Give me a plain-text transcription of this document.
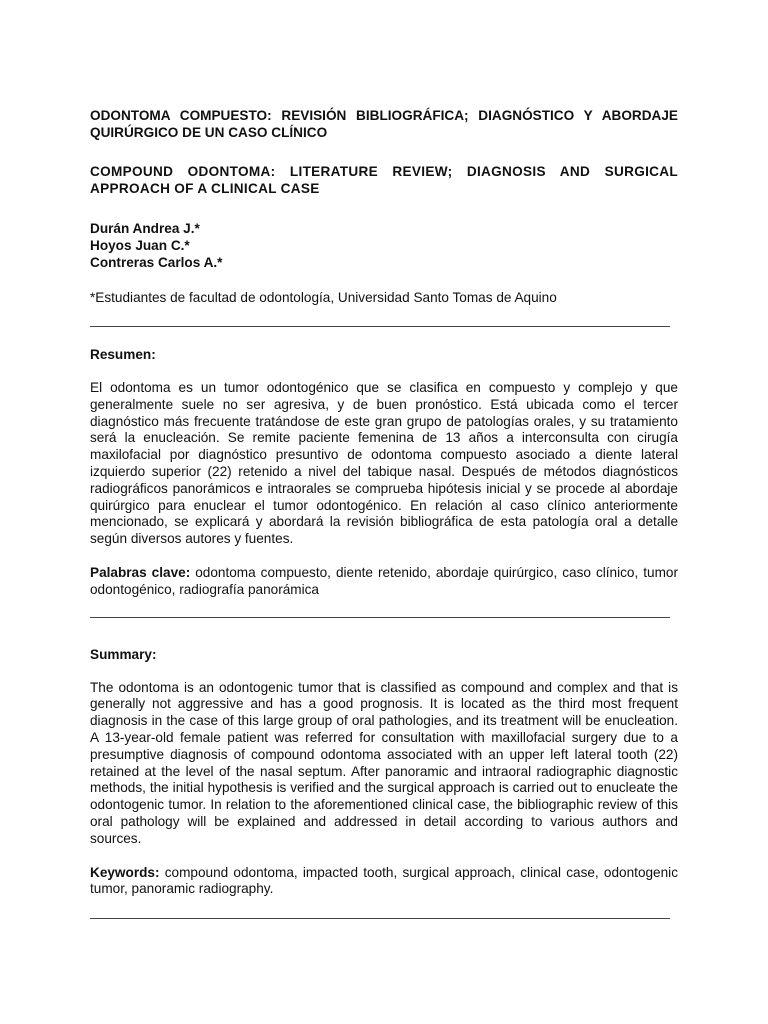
ODONTOMA COMPUESTO: REVISIÓN BIBLIOGRÁFICA; DIAGNÓSTICO Y ABORDAJE QUIRÚRGICO DE UN CASO CLÍNICO

COMPOUND ODONTOMA: LITERATURE REVIEW; DIAGNOSIS AND SURGICAL APPROACH OF A CLINICAL CASE

Durán Andrea J.*
Hoyos Juan C.*
Contreras Carlos A.*
*Estudiantes de facultad de odontología, Universidad Santo Tomas de Aquino
Resumen:

El odontoma es un tumor odontogénico que se clasifica en compuesto y complejo y que generalmente suele no ser agresiva, y de buen pronóstico. Está ubicada como el tercer diagnóstico más frecuente tratándose de este gran grupo de patologías orales, y su tratamiento será la enucleación. Se remite paciente femenina de 13 años a interconsulta con cirugía maxilofacial por diagnóstico presuntivo de odontoma compuesto asociado a diente lateral izquierdo superior (22) retenido a nivel del tabique nasal. Después de métodos diagnósticos radiográficos panorámicos e intraorales se comprueba hipótesis inicial y se procede al abordaje quirúrgico para enuclear el tumor odontogénico. En relación al caso clínico anteriormente mencionado, se explicará y abordará la revisión bibliográfica de esta patología oral a detalle según diversos autores y fuentes.

Palabras clave: odontoma compuesto, diente retenido, abordaje quirúrgico, caso clínico, tumor odontogénico, radiografía panorámica
Summary:

The odontoma is an odontogenic tumor that is classified as compound and complex and that is generally not aggressive and has a good prognosis. It is located as the third most frequent diagnosis in the case of this large group of oral pathologies, and its treatment will be enucleation. A 13-year-old female patient was referred for consultation with maxillofacial surgery due to a presumptive diagnosis of compound odontoma associated with an upper left lateral tooth (22) retained at the level of the nasal septum. After panoramic and intraoral radiographic diagnostic methods, the initial hypothesis is verified and the surgical approach is carried out to enucleate the odontogenic tumor. In relation to the aforementioned clinical case, the bibliographic review of this oral pathology will be explained and addressed in detail according to various authors and sources.

Keywords: compound odontoma, impacted tooth, surgical approach, clinical case, odontogenic tumor, panoramic radiography.
